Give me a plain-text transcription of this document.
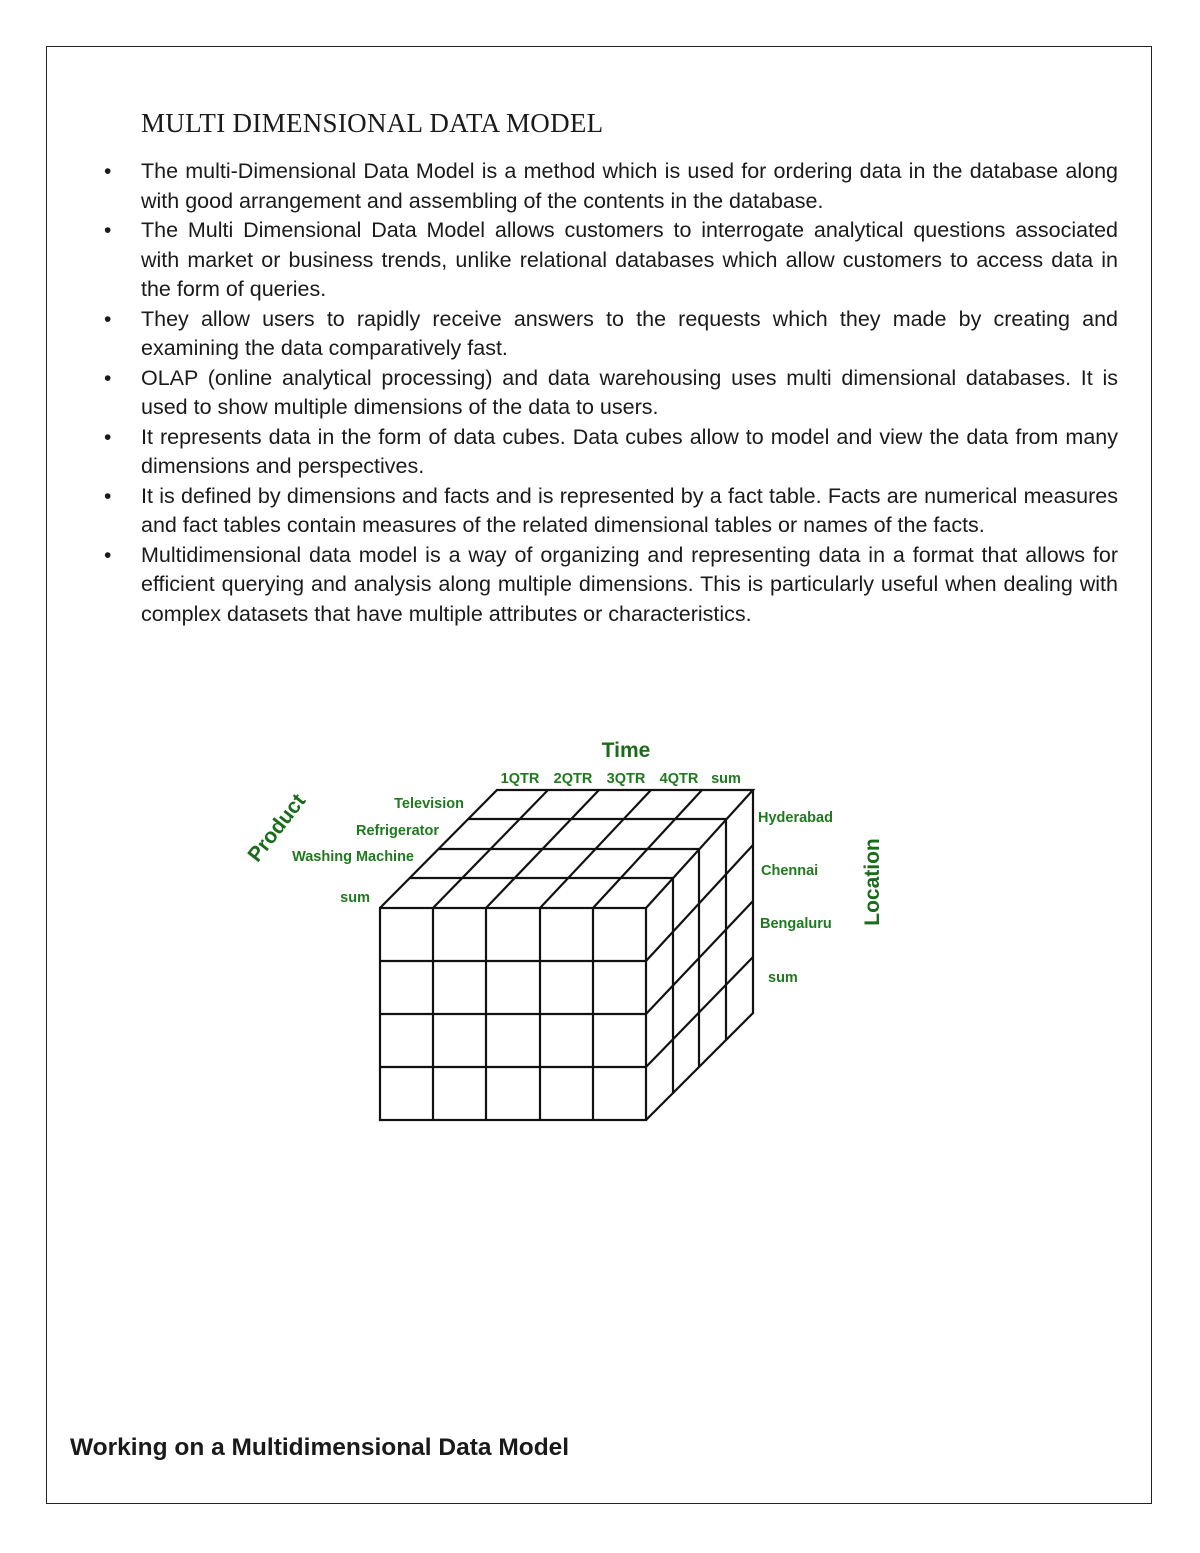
MULTI DIMENSIONAL DATA MODEL
• The multi-Dimensional Data Model is a method which is used for ordering data in the database along with good arrangement and assembling of the contents in the database.
• The Multi Dimensional Data Model allows customers to interrogate analytical questions associated with market or business trends, unlike relational databases which allow customers to access data in the form of queries.
• They allow users to rapidly receive answers to the requests which they made by creating and examining the data comparatively fast.
• OLAP (online analytical processing) and data warehousing uses multi dimensional databases. It is used to show multiple dimensions of the data to users.
• It represents data in the form of data cubes. Data cubes allow to model and view the data from many dimensions and perspectives.
• It is defined by dimensions and facts and is represented by a fact table. Facts are numerical measures and fact tables contain measures of the related dimensional tables or names of the facts.
• Multidimensional data model is a way of organizing and representing data in a format that allows for efficient querying and analysis along multiple dimensions. This is particularly useful when dealing with complex datasets that have multiple attributes or characteristics.
Time
1QTR 2QTR 3QTR 4QTR sum
Product	Television
Refrigerator
Washing Machine
sum	Location
Hyderabad
Chennai
Bengaluru
sum
Working on a Multidimensional Data Model
